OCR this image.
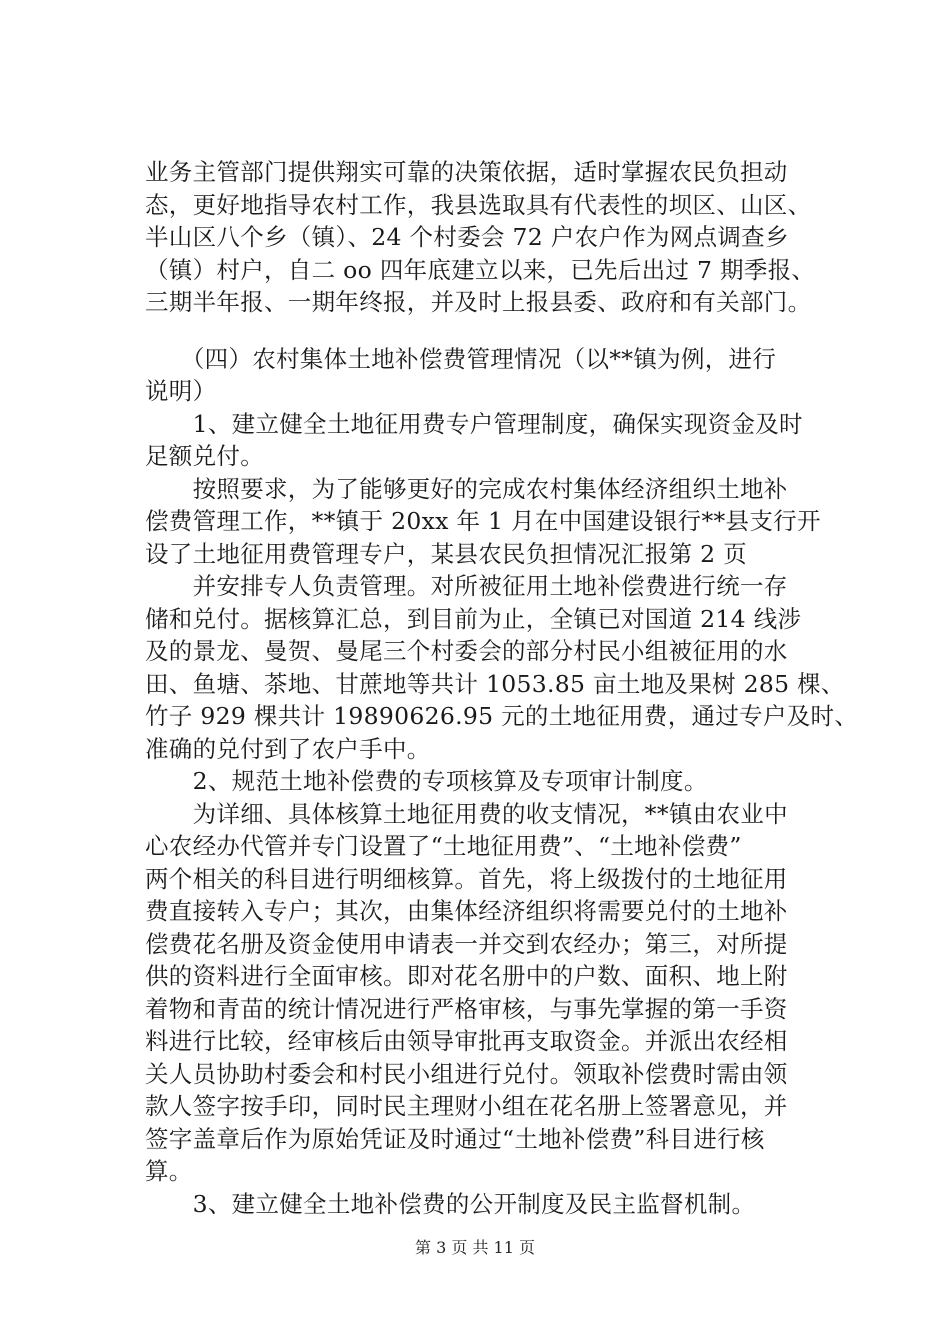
业务主管部门提供翔实可靠的决策依据，适时掌握农民负担动
态，更好地指导农村工作，我县选取具有代表性的坝区、山区、
半山区八个乡（镇）、24 个村委会 72 户农户作为网点调查乡
（镇）村户，自二 oo 四年底建立以来，已先后出过 7 期季报、
三期半年报、一期年终报，并及时上报县委、政府和有关部门。
　　（四）农村集体土地补偿费管理情况（以**镇为例，进行
说明）
　　1、建立健全土地征用费专户管理制度，确保实现资金及时
足额兑付。
　　按照要求，为了能够更好的完成农村集体经济组织土地补
偿费管理工作，**镇于 20xx 年 1 月在中国建设银行**县支行开
设了土地征用费管理专户，某县农民负担情况汇报第 2 页
　　并安排专人负责管理。对所被征用土地补偿费进行统一存
储和兑付。据核算汇总，到目前为止，全镇已对国道 214 线涉
及的景龙、曼贺、曼尾三个村委会的部分村民小组被征用的水
田、鱼塘、茶地、甘蔗地等共计 1053.85 亩土地及果树 285 棵、
竹子 929 棵共计 19890626.95 元的土地征用费，通过专户及时、
准确的兑付到了农户手中。
　　2、规范土地补偿费的专项核算及专项审计制度。
　　为详细、具体核算土地征用费的收支情况，**镇由农业中
心农经办代管并专门设置了“土地征用费”、“土地补偿费”
两个相关的科目进行明细核算。首先，将上级拨付的土地征用
费直接转入专户；其次，由集体经济组织将需要兑付的土地补
偿费花名册及资金使用申请表一并交到农经办；第三，对所提
供的资料进行全面审核。即对花名册中的户数、面积、地上附
着物和青苗的统计情况进行严格审核，与事先掌握的第一手资
料进行比较，经审核后由领导审批再支取资金。并派出农经相
关人员协助村委会和村民小组进行兑付。领取补偿费时需由领
款人签字按手印，同时民主理财小组在花名册上签署意见，并
签字盖章后作为原始凭证及时通过“土地补偿费”科目进行核
算。
　　3、建立健全土地补偿费的公开制度及民主监督机制。
第 3 页 共 11 页
